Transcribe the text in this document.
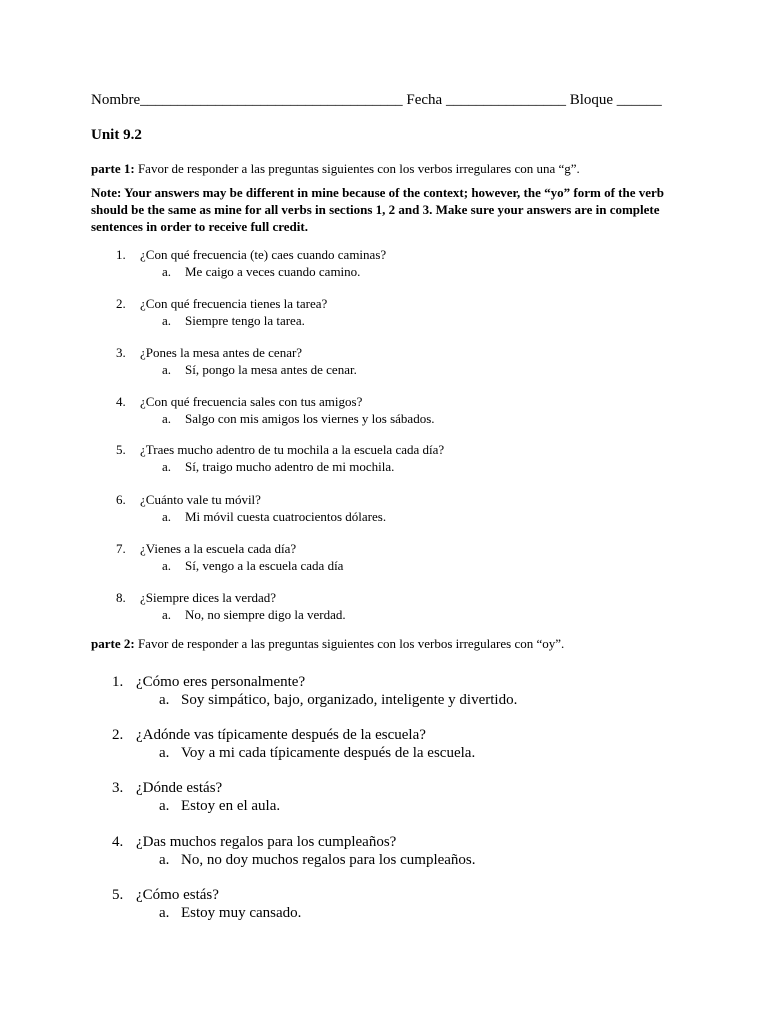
Nombre___________________________________ Fecha ________________ Bloque ______
Unit 9.2
parte 1: Favor de responder a las preguntas siguientes con los verbos irregulares con una “g”.
Note: Your answers may be different in mine because of the context; however, the “yo” form of the verb should be the same as mine for all verbs in sections 1, 2 and 3. Make sure your answers are in complete sentences in order to receive full credit.
1. ¿Con qué frecuencia (te) caes cuando caminas?
a. Me caigo a veces cuando camino.
2. ¿Con qué frecuencia tienes la tarea?
a. Siempre tengo la tarea.
3. ¿Pones la mesa antes de cenar?
a. Sí, pongo la mesa antes de cenar.
4. ¿Con qué frecuencia sales con tus amigos?
a. Salgo con mis amigos los viernes y los sábados.
5. ¿Traes mucho adentro de tu mochila a la escuela cada día?
a. Sí, traigo mucho adentro de mi mochila.
6. ¿Cuánto vale tu móvil?
a. Mi móvil cuesta cuatrocientos dólares.
7. ¿Vienes a la escuela cada día?
a. Sí, vengo a la escuela cada día
8. ¿Siempre dices la verdad?
a. No, no siempre digo la verdad.
parte 2: Favor de responder a las preguntas siguientes con los verbos irregulares con “oy”.
1. ¿Cómo eres personalmente?
a. Soy simpático, bajo, organizado, inteligente y divertido.
2. ¿Adónde vas típicamente después de la escuela?
a. Voy a mi cada típicamente después de la escuela.
3. ¿Dónde estás?
a. Estoy en el aula.
4. ¿Das muchos regalos para los cumpleaños?
a. No, no doy muchos regalos para los cumpleaños.
5. ¿Cómo estás?
a. Estoy muy cansado.
